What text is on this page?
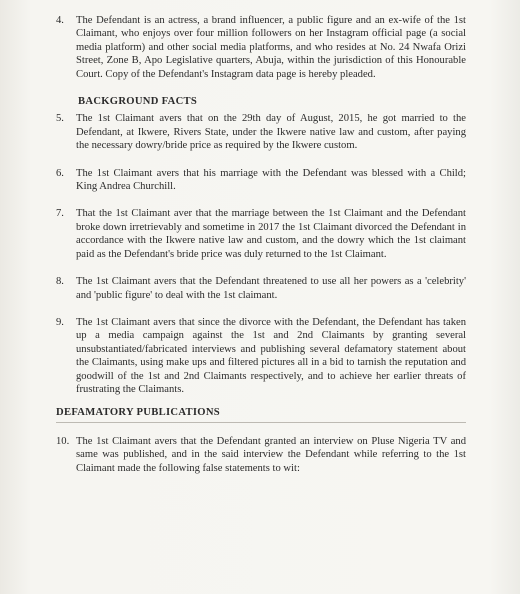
4.	The Defendant is an actress, a brand influencer, a public figure and an ex-wife of the 1st Claimant, who enjoys over four million followers on her Instagram official page (a social media platform) and other social media platforms, and who resides at No. 24 Nwafa Orizi Street, Zone B, Apo Legislative quarters, Abuja, within the jurisdiction of this Honourable Court. Copy of the Defendant's Instagram data page is hereby pleaded.
BACKGROUND FACTS
5.	The 1st Claimant avers that on the 29th day of August, 2015, he got married to the Defendant, at Ikwere, Rivers State, under the Ikwere native law and custom, after paying the necessary dowry/bride price as required by the Ikwere custom.
6.	The 1st Claimant avers that his marriage with the Defendant was blessed with a Child; King Andrea Churchill.
7.	That the 1st Claimant aver that the marriage between the 1st Claimant and the Defendant broke down irretrievably and sometime in 2017 the 1st Claimant divorced the Defendant in accordance with the Ikwere native law and custom, and the dowry which the 1st claimant paid as the Defendant's bride price was duly returned to the 1st Claimant.
8.	The 1st Claimant avers that the Defendant threatened to use all her powers as a 'celebrity' and 'public figure' to deal with the 1st claimant.
9.	The 1st Claimant avers that since the divorce with the Defendant, the Defendant has taken up a media campaign against the 1st and 2nd Claimants by granting several unsubstantiated/fabricated interviews and publishing several defamatory statement about the Claimants, using make ups and filtered pictures all in a bid to tarnish the reputation and goodwill of the 1st and 2nd Claimants respectively, and to achieve her earlier threats of frustrating the Claimants.
DEFAMATORY PUBLICATIONS
10. The 1st Claimant avers that the Defendant granted an interview on Pluse Nigeria TV and same was published, and in the said interview the Defendant while referring to the 1st Claimant made the following false statements to wit:
